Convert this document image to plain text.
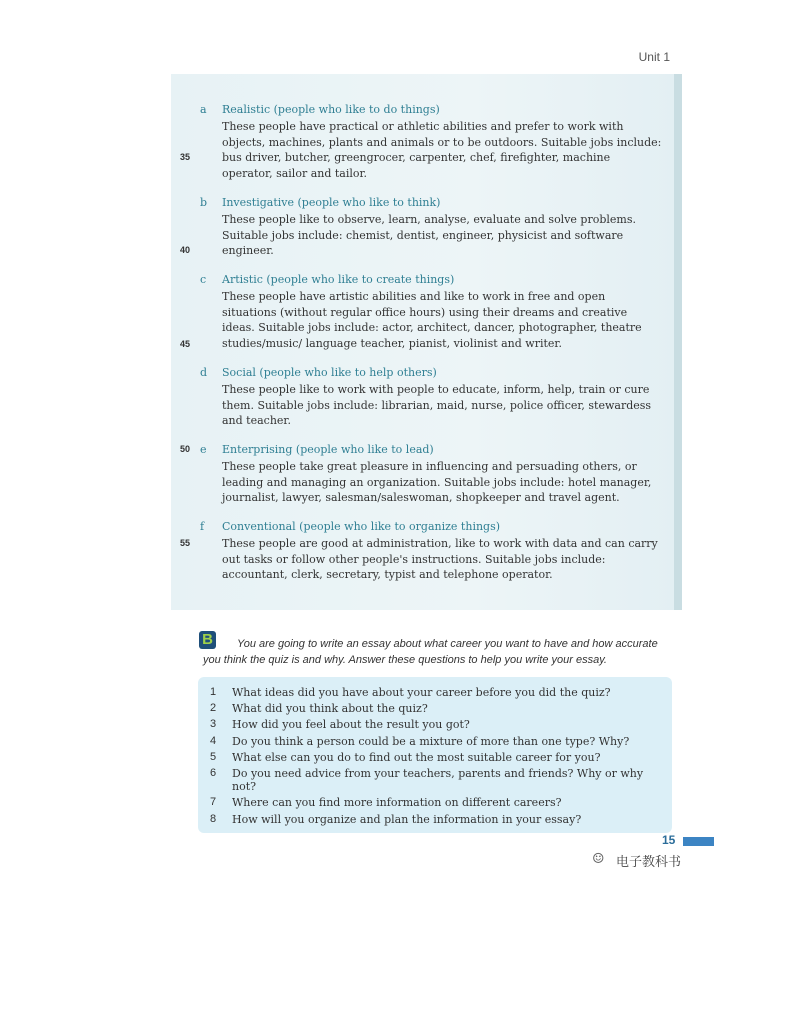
Unit 1
a Realistic (people who like to do things)
These people have practical or athletic abilities and prefer to work with objects, machines, plants and animals or to be outdoors. Suitable jobs include: bus driver, butcher, greengrocer, carpenter, chef, firefighter, machine operator, sailor and tailor.
35
b Investigative (people who like to think)
These people like to observe, learn, analyse, evaluate and solve problems. Suitable jobs include: chemist, dentist, engineer, physicist and software engineer.
40
c Artistic (people who like to create things)
These people have artistic abilities and like to work in free and open situations (without regular office hours) using their dreams and creative ideas. Suitable jobs include: actor, architect, dancer, photographer, theatre studies/music/ language teacher, pianist, violinist and writer.
45
d Social (people who like to help others)
These people like to work with people to educate, inform, help, train or cure them. Suitable jobs include: librarian, maid, nurse, police officer, stewardess and teacher.
e Enterprising (people who like to lead)
These people take great pleasure in influencing and persuading others, or leading and managing an organization. Suitable jobs include: hotel manager, journalist, lawyer, salesman/saleswoman, shopkeeper and travel agent.
50
f Conventional (people who like to organize things)
These people are good at administration, like to work with data and can carry out tasks or follow other people's instructions. Suitable jobs include: accountant, clerk, secretary, typist and telephone operator.
55
B	You are going to write an essay about what career you want to have and how accurate you think the quiz is and why. Answer these questions to help you write your essay.
1 What ideas did you have about your career before you did the quiz?
2 What did you think about the quiz?
3 How did you feel about the result you got?
4 Do you think a person could be a mixture of more than one type? Why?
5 What else can you do to find out the most suitable career for you?
6 Do you need advice from your teachers, parents and friends? Why or why not?
7 Where can you find more information on different careers?
8 How will you organize and plan the information in your essay?
15
☺ 电子教科书
